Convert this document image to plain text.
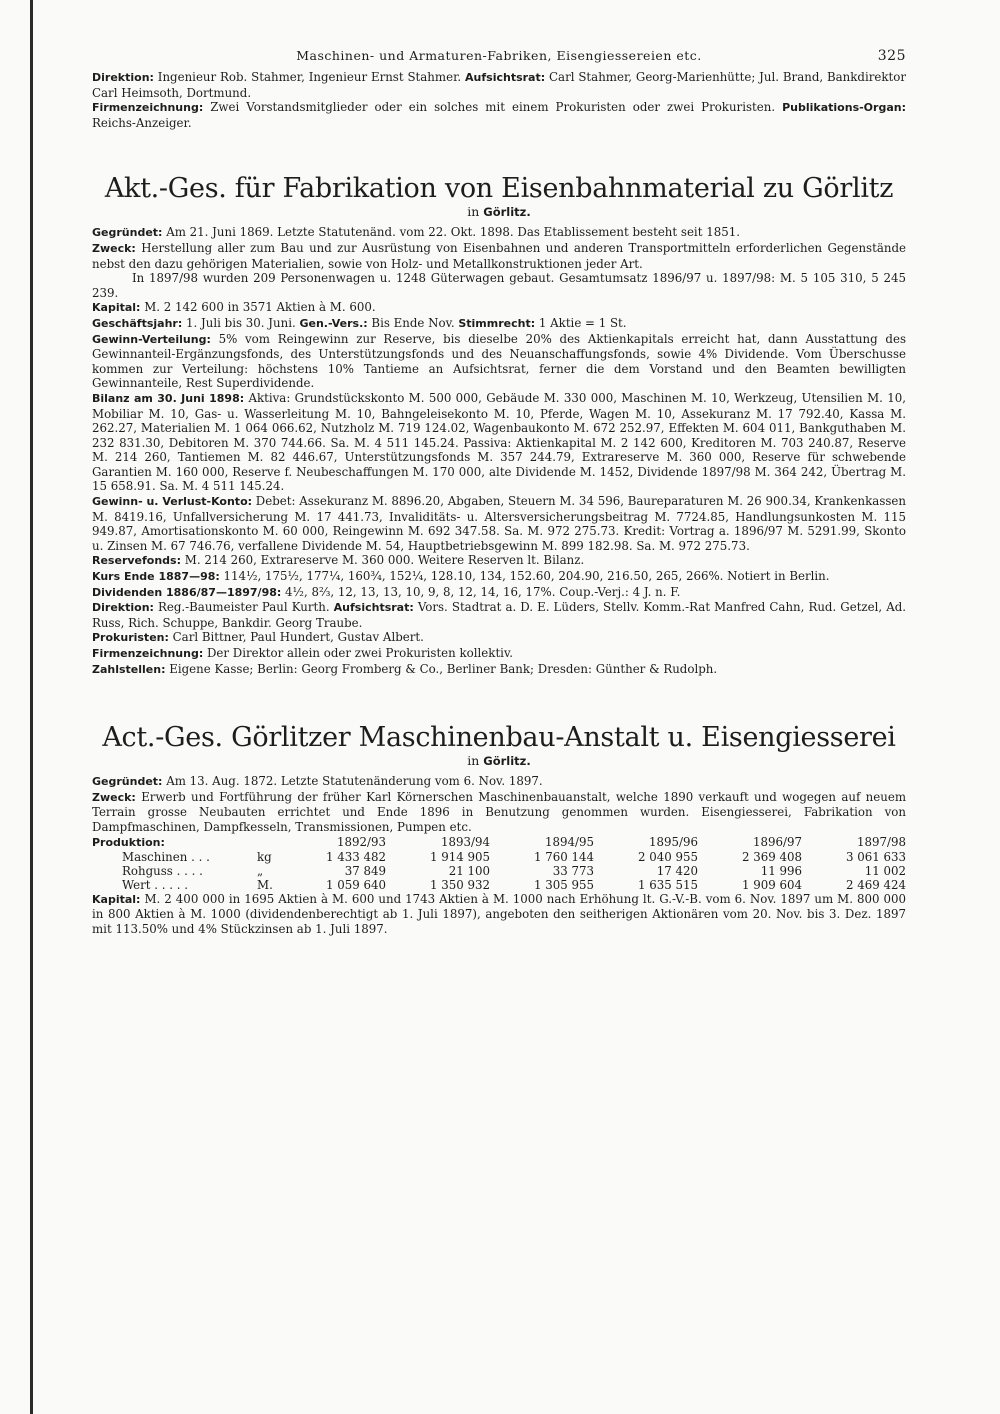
Maschinen- und Armaturen-Fabriken, Eisengiessereien etc.	325

Direktion: Ingenieur Rob. Stahmer, Ingenieur Ernst Stahmer. Aufsichtsrat: Carl Stahmer, Georg-Marienhütte; Jul. Brand, Bankdirektor Carl Heimsoth, Dortmund.

Firmenzeichnung: Zwei Vorstandsmitglieder oder ein solches mit einem Prokuristen oder zwei Prokuristen. Publikations-Organ: Reichs-Anzeiger.

Akt.-Ges. für Fabrikation von Eisenbahnmaterial zu Görlitz
in Görlitz.

Gegründet: Am 21. Juni 1869. Letzte Statutenänd. vom 22. Okt. 1898. Das Etablissement besteht seit 1851.

Zweck: Herstellung aller zum Bau und zur Ausrüstung von Eisenbahnen und anderen Transportmitteln erforderlichen Gegenstände nebst den dazu gehörigen Materialien, sowie von Holz- und Metallkonstruktionen jeder Art.

In 1897/98 wurden 209 Personenwagen u. 1248 Güterwagen gebaut. Gesamtumsatz 1896/97 u. 1897/98: M. 5 105 310, 5 245 239.

Kapital: M. 2 142 600 in 3571 Aktien à M. 600.

Geschäftsjahr: 1. Juli bis 30. Juni. Gen.-Vers.: Bis Ende Nov. Stimmrecht: 1 Aktie = 1 St.

Gewinn-Verteilung: 5% vom Reingewinn zur Reserve, bis dieselbe 20% des Aktienkapitals erreicht hat, dann Ausstattung des Gewinnanteil-Ergänzungsfonds, des Unterstützungsfonds und des Neuanschaffungsfonds, sowie 4% Dividende. Vom Überschusse kommen zur Verteilung: höchstens 10% Tantieme an Aufsichtsrat, ferner die dem Vorstand und den Beamten bewilligten Gewinnanteile, Rest Superdividende.

Bilanz am 30. Juni 1898: Aktiva: Grundstückskonto M. 500 000, Gebäude M. 330 000, Maschinen M. 10, Werkzeug, Utensilien M. 10, Mobiliar M. 10, Gas- u. Wasserleitung M. 10, Bahngeleisekonto M. 10, Pferde, Wagen M. 10, Assekuranz M. 17 792.40, Kassa M. 262.27, Materialien M. 1 064 066.62, Nutzholz M. 719 124.02, Wagenbaukonto M. 672 252.97, Effekten M. 604 011, Bankguthaben M. 232 831.30, Debitoren M. 370 744.66. Sa. M. 4 511 145.24. Passiva: Aktienkapital M. 2 142 600, Kreditoren M. 703 240.87, Reserve M. 214 260, Tantiemen M. 82 446.67, Unterstützungsfonds M. 357 244.79, Extrareserve M. 360 000, Reserve für schwebende Garantien M. 160 000, Reserve f. Neubeschaffungen M. 170 000, alte Dividende M. 1452, Dividende 1897/98 M. 364 242, Übertrag M. 15 658.91. Sa. M. 4 511 145.24.

Gewinn- u. Verlust-Konto: Debet: Assekuranz M. 8896.20, Abgaben, Steuern M. 34 596, Baureparaturen M. 26 900.34, Krankenkassen M. 8419.16, Unfallversicherung M. 17 441.73, Invaliditäts- u. Altersversicherungsbeitrag M. 7724.85, Handlungsunkosten M. 115 949.87, Amortisationskonto M. 60 000, Reingewinn M. 692 347.58. Sa. M. 972 275.73. Kredit: Vortrag a. 1896/97 M. 5291.99, Skonto u. Zinsen M. 67 746.76, verfallene Dividende M. 54, Hauptbetriebsgewinn M. 899 182.98. Sa. M. 972 275.73.

Reservefonds: M. 214 260, Extrareserve M. 360 000. Weitere Reserven lt. Bilanz.

Kurs Ende 1887—98: 114½, 175½, 177¼, 160¾, 152¼, 128.10, 134, 152.60, 204.90, 216.50, 265, 266%. Notiert in Berlin.

Dividenden 1886/87—1897/98: 4½, 8⅔, 12, 13, 13, 10, 9, 8, 12, 14, 16, 17%. Coup.-Verj.: 4 J. n. F.

Direktion: Reg.-Baumeister Paul Kurth. Aufsichtsrat: Vors. Stadtrat a. D. E. Lüders, Stellv. Komm.-Rat Manfred Cahn, Rud. Getzel, Ad. Russ, Rich. Schuppe, Bankdir. Georg Traube.

Prokuristen: Carl Bittner, Paul Hundert, Gustav Albert.

Firmenzeichnung: Der Direktor allein oder zwei Prokuristen kollektiv.

Zahlstellen: Eigene Kasse; Berlin: Georg Fromberg & Co., Berliner Bank; Dresden: Günther & Rudolph.

Act.-Ges. Görlitzer Maschinenbau-Anstalt u. Eisengiesserei
in Görlitz.

Gegründet: Am 13. Aug. 1872. Letzte Statutenänderung vom 6. Nov. 1897.

Zweck: Erwerb und Fortführung der früher Karl Körnerschen Maschinenbauanstalt, welche 1890 verkauft und wogegen auf neuem Terrain grosse Neubauten errichtet und Ende 1896 in Benutzung genommen wurden. Eisengiesserei, Fabrikation von Dampfmaschinen, Dampfkesseln, Transmissionen, Pumpen etc.

Produktion:		1892/93	1893/94	1894/95	1895/96	1896/97	1897/98
Maschinen . . .	kg	1 433 482	1 914 905	1 760 144	2 040 955	2 369 408	3 061 633
Rohguss . . . .	„	37 849	21 100	33 773	17 420	11 996	11 002
Wert . . . . .	M.	1 059 640	1 350 932	1 305 955	1 635 515	1 909 604	2 469 424

Kapital: M. 2 400 000 in 1695 Aktien à M. 600 und 1743 Aktien à M. 1000 nach Erhöhung lt. G.-V.-B. vom 6. Nov. 1897 um M. 800 000 in 800 Aktien à M. 1000 (dividendenberechtigt ab 1. Juli 1897), angeboten den seitherigen Aktionären vom 20. Nov. bis 3. Dez. 1897 mit 113.50% und 4% Stückzinsen ab 1. Juli 1897.
